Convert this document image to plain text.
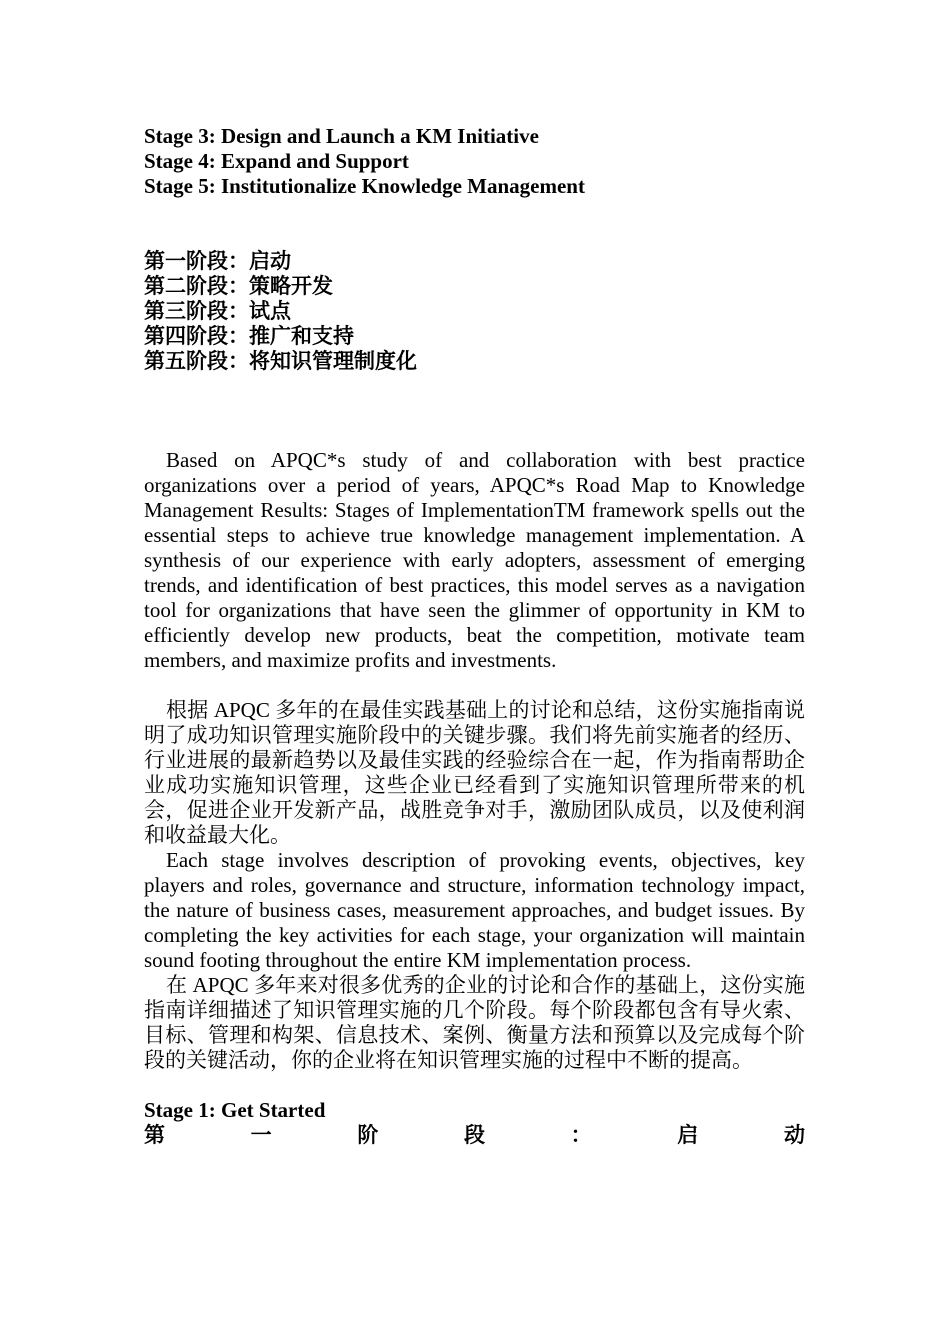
Stage 3: Design and Launch a KM Initiative
Stage 4: Expand and Support
Stage 5: Institutionalize Knowledge Management
第一阶段：启动
第二阶段：策略开发
第三阶段：试点
第四阶段：推广和支持
第五阶段：将知识管理制度化

Based on APQC*s study of and collaboration with best practice organizations over a period of years, APQC*s Road Map to Knowledge Management Results: Stages of ImplementationTM framework spells out the essential steps to achieve true knowledge management implementation. A synthesis of our experience with early adopters, assessment of emerging trends, and identification of best practices, this model serves as a navigation tool for organizations that have seen the glimmer of opportunity in KM to efficiently develop new products, beat the competition, motivate team members, and maximize profits and investments.

根据 APQC 多年的在最佳实践基础上的讨论和总结，这份实施指南说明了成功知识管理实施阶段中的关键步骤。我们将先前实施者的经历、行业进展的最新趋势以及最佳实践的经验综合在一起，作为指南帮助企业成功实施知识管理，这些企业已经看到了实施知识管理所带来的机会，促进企业开发新产品，战胜竞争对手，激励团队成员，以及使利润和收益最大化。

Each stage involves description of provoking events, objectives, key players and roles, governance and structure, information technology impact, the nature of business cases, measurement approaches, and budget issues. By completing the key activities for each stage, your organization will maintain sound footing throughout the entire KM implementation process.

在 APQC 多年来对很多优秀的企业的讨论和合作的基础上，这份实施指南详细描述了知识管理实施的几个阶段。每个阶段都包含有导火索、目标、管理和构架、信息技术、案例、衡量方法和预算以及完成每个阶段的关键活动，你的企业将在知识管理实施的过程中不断的提高。

Stage 1: Get Started
第	一	阶	段	：	启	动
